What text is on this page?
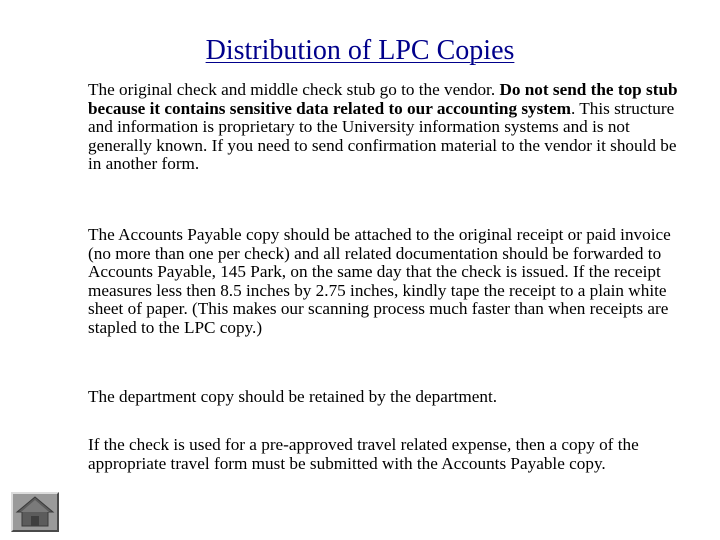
Distribution of LPC Copies

The original check and middle check stub go to the vendor. Do not send the top stub because it contains sensitive data related to our accounting system. This structure and information is proprietary to the University information systems and is not generally known. If you need to send confirmation material to the vendor it should be in another form.

The Accounts Payable copy should be attached to the original receipt or paid invoice (no more than one per check) and all related documentation should be forwarded to Accounts Payable, 145 Park, on the same day that the check is issued. If the receipt measures less then 8.5 inches by 2.75 inches, kindly tape the receipt to a plain white sheet of paper. (This makes our scanning process much faster than when receipts are stapled to the LPC copy.)

The department copy should be retained by the department.

If the check is used for a pre-approved travel related expense, then a copy of the appropriate travel form must be submitted with the Accounts Payable copy.
